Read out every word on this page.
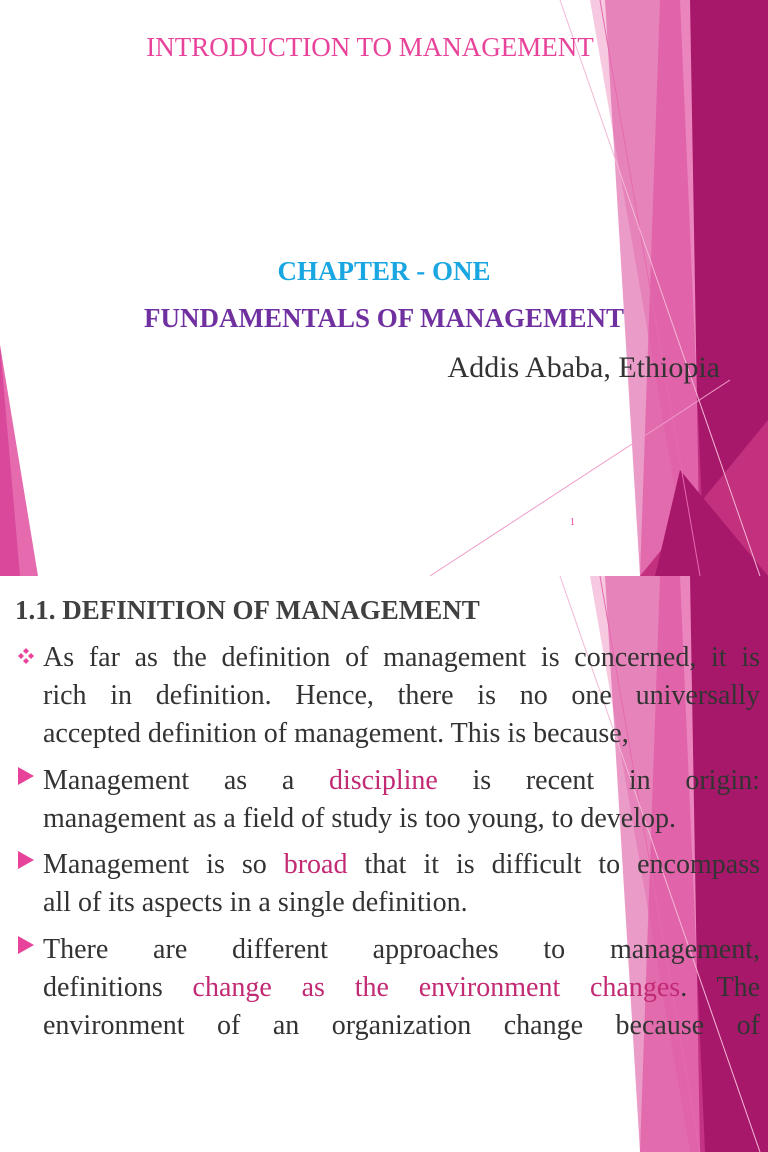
INTRODUCTION TO MANAGEMENT
CHAPTER - ONE
FUNDAMENTALS OF MANAGEMENT
Addis Ababa, Ethiopia
1
1.1. DEFINITION OF MANAGEMENT
As far as the definition of management is concerned, it is
rich in definition. Hence, there is no one universally
accepted definition of management. This is because,
Management as a discipline is recent in origin:
management as a field of study is too young, to develop.
Management is so broad that it is difficult to encompass
all of its aspects in a single definition.
There are different approaches to management,
definitions change as the environment changes. The
environment of an organization change because of
